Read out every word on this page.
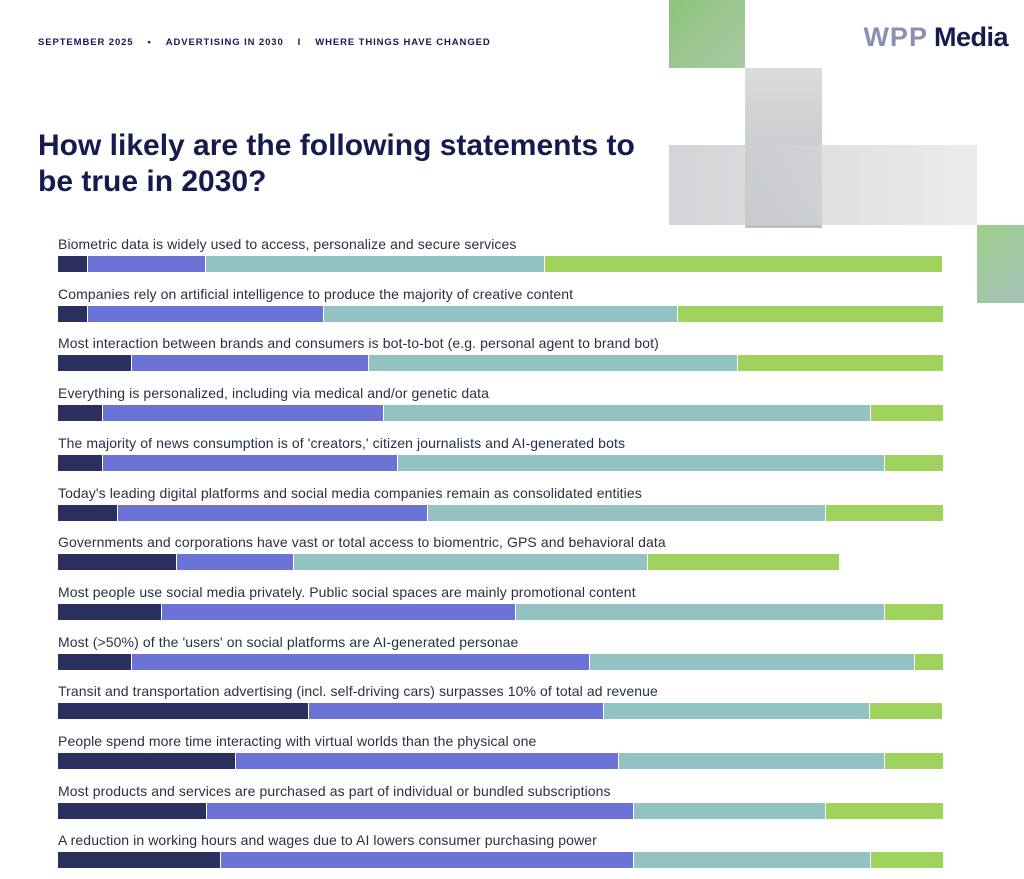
SEPTEMBER 2025 • ADVERTISING IN 2030 I WHERE THINGS HAVE CHANGED	WPP Media
How likely are the following statements to be true in 2030?
Biometric data is widely used to access, personalize and secure services
Companies rely on artificial intelligence to produce the majority of creative content
Most interaction between brands and consumers is bot-to-bot (e.g. personal agent to brand bot)
Everything is personalized, including via medical and/or genetic data
The majority of news consumption is of 'creators,' citizen journalists and AI-generated bots
Today's leading digital platforms and social media companies remain as consolidated entities
Governments and corporations have vast or total access to biomentric, GPS and behavioral data
Most people use social media privately. Public social spaces are mainly promotional content
Most (>50%) of the 'users' on social platforms are AI-generated personae
Transit and transportation advertising (incl. self-driving cars) surpasses 10% of total ad revenue
People spend more time interacting with virtual worlds than the physical one
Most products and services are purchased as part of individual or bundled subscriptions
A reduction in working hours and wages due to AI lowers consumer purchasing power
